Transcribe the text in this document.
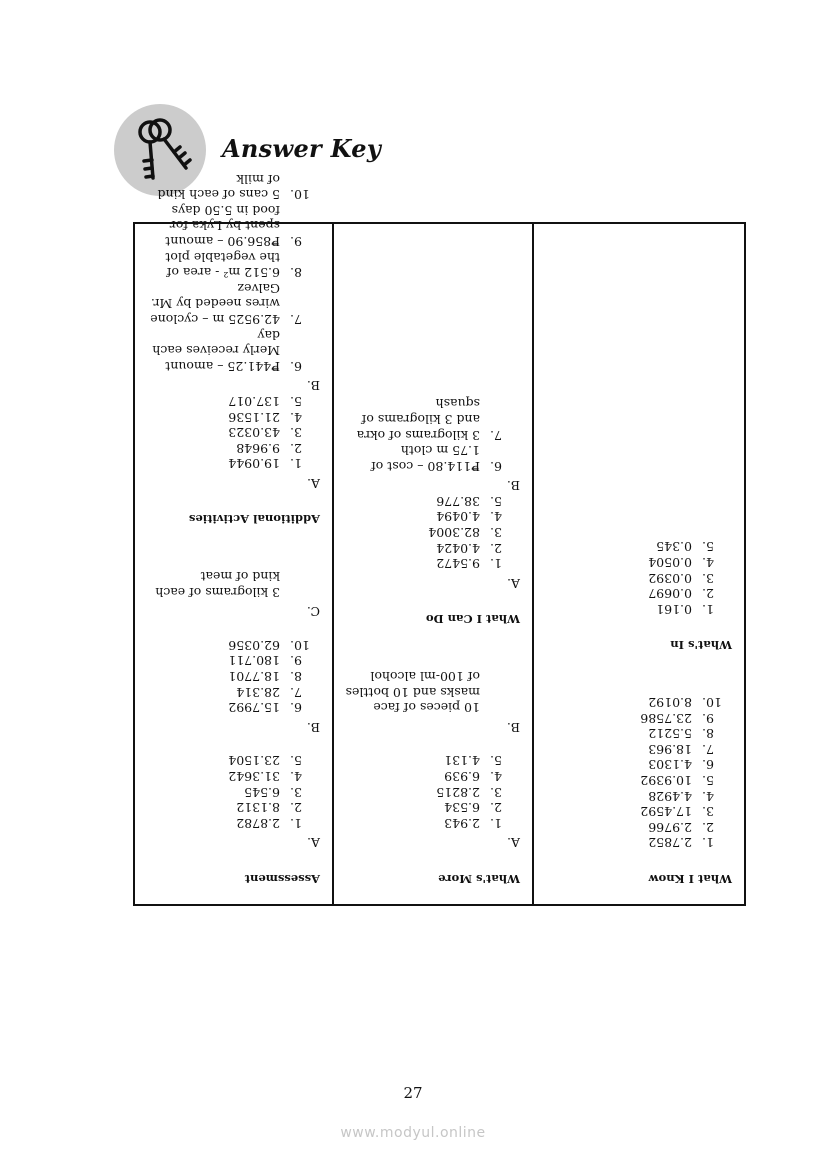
Answer Key
Assessment
A.
1.
2.8782
2.
8.1312
3.
6.545
4.
31.3642
5.
23.1504
B.
6.
15.7992
7.
28.314
8.
18.7701
9.
180.711
10.
62.0356
C.
3 kilograms of each kind of meat
Additional Activities
A.
1.
19.0944
2.
9.9648
3.
43.0323
4.
21.1536
5.
137.017
B.
6.
₱441.25 – amount Merly receives each day
7.
42.9525 m – cyclone wires needed by Mr. Galvez
8.
6.512 m² - area of the vegetable plot
9.
₱856.90 – amount spent by Lyka for food in 5.50 days
10.
5 cans of each kind of milk
What's More
A.
1.
2.943
2.
6.534
3.
2.8215
4.
6.939
5.
4.131
B.
10 pieces of face masks and 10 bottles of 100-ml alcohol
What I Can Do
A.
1.
9.5472
2.
4.0424
3.
82.3004
4.
4.0494
5.
38.776
B.
6.
₱114.80 – cost of 1.75 m cloth
7.
3 kilograms of okra and 3 kilograms of squash
What I Know
1.
2.7852
2.
2.9766
3.
17.4592
4.
4.4928
5.
10.9392
6.
4.1303
7.
18.963
8.
5.5212
9.
23.7586
10.
8.0192
What's In
1.
0.161
2.
0.0697
3.
0.0392
4.
0.0504
5.
0.345
27
www.modyul.online
